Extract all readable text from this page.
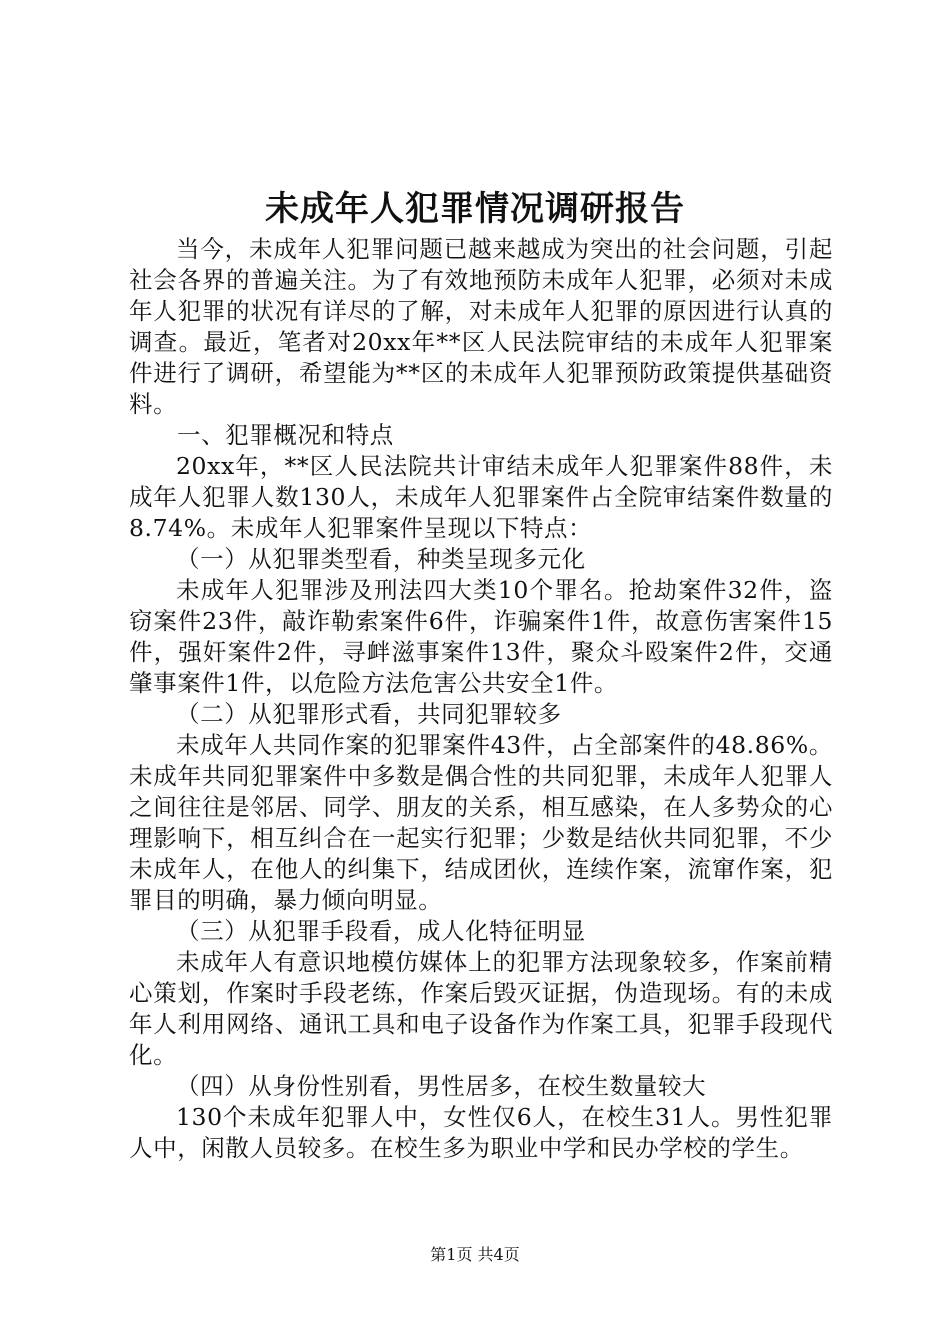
未成年人犯罪情况调研报告

当今，未成年人犯罪问题已越来越成为突出的社会问题，引起社会各界的普遍关注。为了有效地预防未成年人犯罪，必须对未成年人犯罪的状况有详尽的了解，对未成年人犯罪的原因进行认真的调查。最近，笔者对20xx年**区人民法院审结的未成年人犯罪案件进行了调研，希望能为**区的未成年人犯罪预防政策提供基础资料。

一、犯罪概况和特点

20xx年，**区人民法院共计审结未成年人犯罪案件88件，未成年人犯罪人数130人，未成年人犯罪案件占全院审结案件数量的8.74%。未成年人犯罪案件呈现以下特点：

（一）从犯罪类型看，种类呈现多元化

未成年人犯罪涉及刑法四大类10个罪名。抢劫案件32件，盗窃案件23件，敲诈勒索案件6件，诈骗案件1件，故意伤害案件15件，强奸案件2件，寻衅滋事案件13件，聚众斗殴案件2件，交通肇事案件1件，以危险方法危害公共安全1件。

（二）从犯罪形式看，共同犯罪较多

未成年人共同作案的犯罪案件43件，占全部案件的48.86%。未成年共同犯罪案件中多数是偶合性的共同犯罪，未成年人犯罪人之间往往是邻居、同学、朋友的关系，相互感染，在人多势众的心理影响下，相互纠合在一起实行犯罪；少数是结伙共同犯罪，不少未成年人，在他人的纠集下，结成团伙，连续作案，流窜作案，犯罪目的明确，暴力倾向明显。

（三）从犯罪手段看，成人化特征明显

未成年人有意识地模仿媒体上的犯罪方法现象较多，作案前精心策划，作案时手段老练，作案后毁灭证据，伪造现场。有的未成年人利用网络、通讯工具和电子设备作为作案工具，犯罪手段现代化。

（四）从身份性别看，男性居多，在校生数量较大

130个未成年犯罪人中，女性仅6人，在校生31人。男性犯罪人中，闲散人员较多。在校生多为职业中学和民办学校的学生。

第1页 共4页
